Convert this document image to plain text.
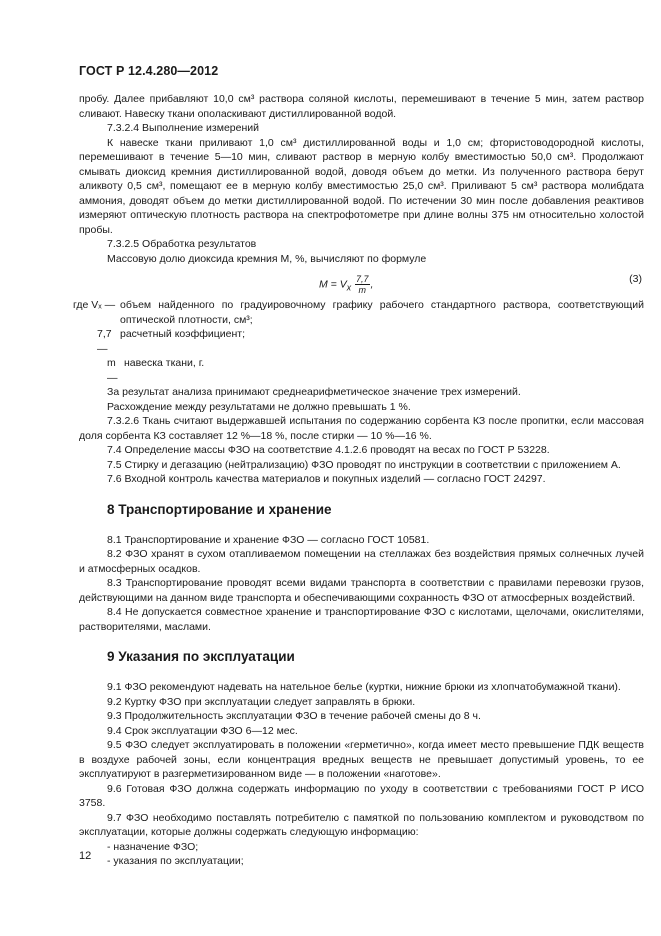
ГОСТ Р 12.4.280—2012

пробу. Далее прибавляют 10,0 см³ раствора соляной кислоты, перемешивают в течение 5 мин, затем раствор сливают. Навеску ткани ополаскивают дистиллированной водой.

7.3.2.4 Выполнение измерений

К навеске ткани приливают 1,0 см³ дистиллированной воды и 1,0 см; фтористоводородной кислоты, перемешивают в течение 5—10 мин, сливают раствор в мерную колбу вместимостью 50,0 см³. Продолжают смывать диоксид кремния дистиллированной водой, доводя объем до метки. Из полученного раствора берут аликвоту 0,5 см³, помещают ее в мерную колбу вместимостью 25,0 см³. Приливают 5 см³ раствора молибдата аммония, доводят объем до метки дистиллированной водой. По истечении 30 мин после добавления реактивов измеряют оптическую плотность раствора на спектрофотометре при длине волны 375 нм относительно холостой пробы.

7.3.2.5 Обработка результатов

Массовую долю диоксида кремния М, %, вычисляют по формуле

$M = V_x \frac{7,7}{m}$ ,	(3)
где Vₓ — объем найденного по градуировочному графику рабочего стандартного раствора, соответствующий оптической плотности, см³;
7,7 —
расчетный коэффициент;
m —
навеска ткани, г.

За результат анализа принимают среднеарифметическое значение трех измерений.

Расхождение между результатами не должно превышать 1 %.

7.3.2.6 Ткань считают выдержавшей испытания по содержанию сорбента КЗ после пропитки, если массовая доля сорбента КЗ составляет 12 %—18 %, после стирки — 10 %—16 %.

7.4 Определение массы ФЗО на соответствие 4.1.2.6 проводят на весах по ГОСТ Р 53228.

7.5 Стирку и дегазацию (нейтрализацию) ФЗО проводят по инструкции в соответствии с приложением А.

7.6 Входной контроль качества материалов и покупных изделий — согласно ГОСТ 24297.

8 Транспортирование и хранение

8.1 Транспортирование и хранение ФЗО — согласно ГОСТ 10581.

8.2 ФЗО хранят в сухом отапливаемом помещении на стеллажах без воздействия прямых солнечных лучей и атмосферных осадков.

8.3 Транспортирование проводят всеми видами транспорта в соответствии с правилами перевозки грузов, действующими на данном виде транспорта и обеспечивающими сохранность ФЗО от атмосферных воздействий.

8.4 Не допускается совместное хранение и транспортирование ФЗО с кислотами, щелочами, окислителями, растворителями, маслами.

9 Указания по эксплуатации

9.1 ФЗО рекомендуют надевать на нательное белье (куртки, нижние брюки из хлопчатобумажной ткани).

9.2 Куртку ФЗО при эксплуатации следует заправлять в брюки.

9.3 Продолжительность эксплуатации ФЗО в течение рабочей смены до 8 ч.

9.4 Срок эксплуатации ФЗО 6—12 мес.

9.5 ФЗО следует эксплуатировать в положении «герметично», когда имеет место превышение ПДК веществ в воздухе рабочей зоны, если концентрация вредных веществ не превышает допустимый уровень, то ее эксплуатируют в разгерметизированном виде — в положении «наготове».

9.6 Готовая ФЗО должна содержать информацию по уходу в соответствии с требованиями ГОСТ Р ИСО 3758.

9.7 ФЗО необходимо поставлять потребителю с памяткой по пользованию комплектом и руководством по эксплуатации, которые должны содержать следующую информацию:

- назначение ФЗО;

- указания по эксплуатации;

12
